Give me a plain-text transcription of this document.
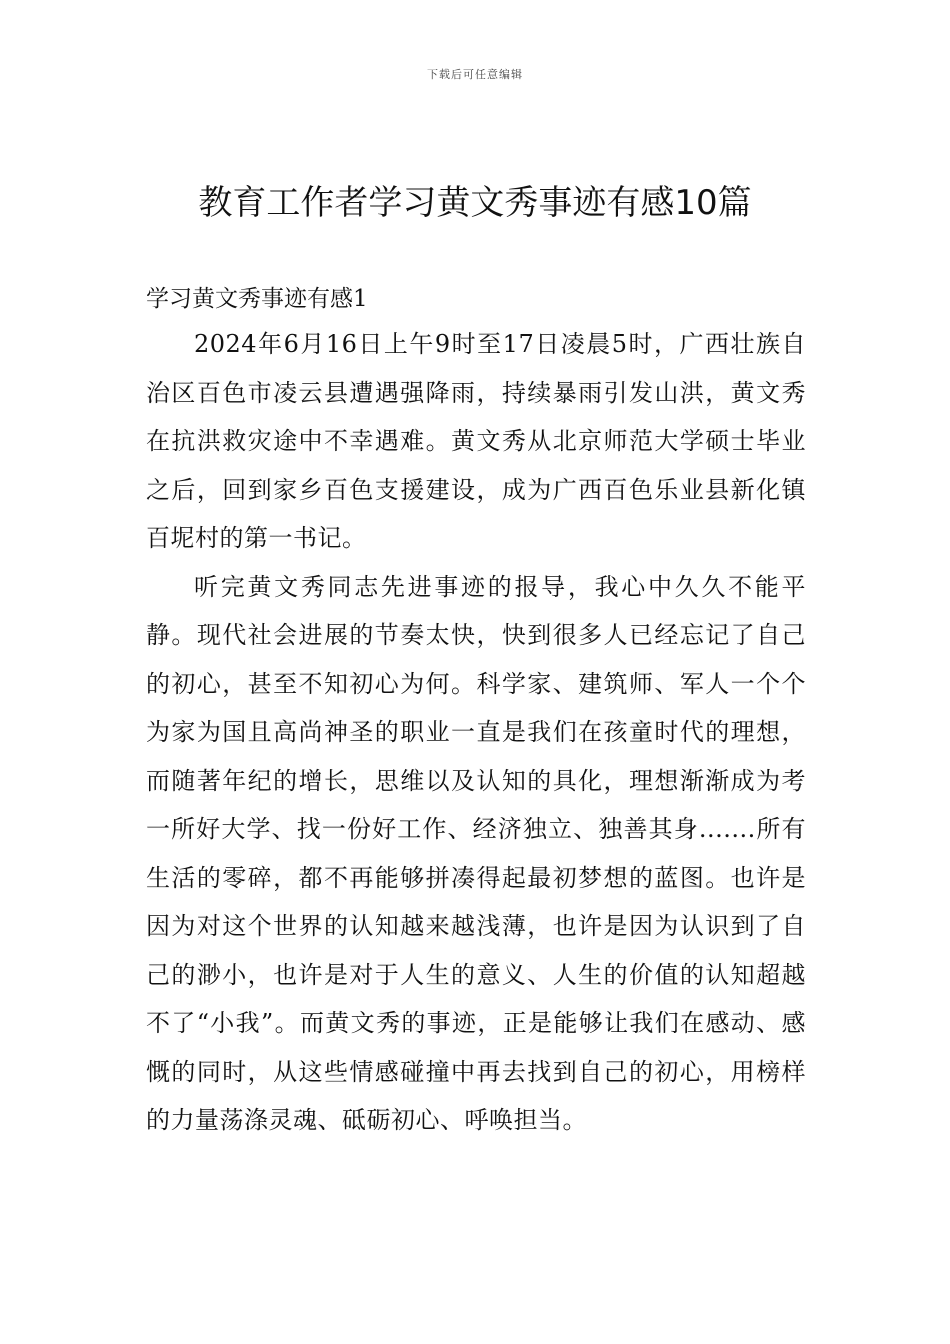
下载后可任意编辑
教育工作者学习黄文秀事迹有感10篇
学习黄文秀事迹有感1

2024年6月16日上午9时至17日凌晨5时，广西壮族自治区百色市凌云县遭遇强降雨，持续暴雨引发山洪，黄文秀在抗洪救灾途中不幸遇难。黄文秀从北京师范大学硕士毕业之后，回到家乡百色支援建设，成为广西百色乐业县新化镇百坭村的第一书记。

听完黄文秀同志先进事迹的报导，我心中久久不能平静。现代社会进展的节奏太快，快到很多人已经忘记了自己的初心，甚至不知初心为何。科学家、建筑师、军人一个个为家为国且高尚神圣的职业一直是我们在孩童时代的理想，而随著年纪的增长，思维以及认知的具化，理想渐渐成为考一所好大学、找一份好工作、经济独立、独善其身.......所有生活的零碎，都不再能够拼凑得起最初梦想的蓝图。也许是因为对这个世界的认知越来越浅薄，也许是因为认识到了自己的渺小，也许是对于人生的意义、人生的价值的认知超越不了“小我”。而黄文秀的事迹，正是能够让我们在感动、感慨的同时，从这些情感碰撞中再去找到自己的初心，用榜样的力量荡涤灵魂、砥砺初心、呼唤担当。
